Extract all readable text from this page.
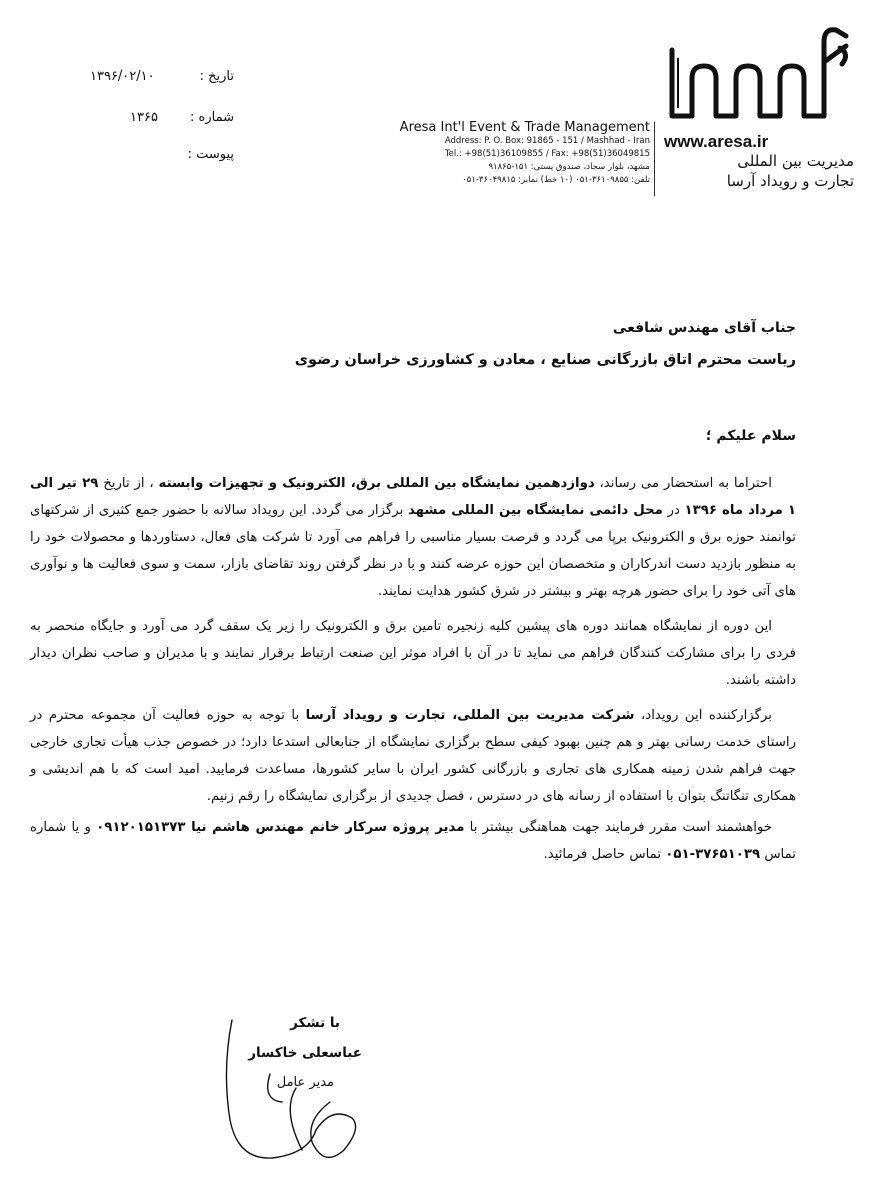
تاریخ :
۱۳۹۶/۰۲/۱۰
شماره :
۱۳۶۵
پیوست :
Aresa Int'l Event & Trade Management
Address: P. O. Box: 91865 - 151 / Mashhad - Iran
Tel.: +98(51)36109855 / Fax: +98(51)36049815
مشهد، بلوار سجاد، صندوق پستی: ۱۵۱-۹۱۸۶۵
تلفن: ۳۶۱۰۹۸۵۵-۰۵۱ (۱۰ خط) نمابر: ۳۶۰۴۹۸۱۵-۰۵۱
www.aresa.ir
مدیریت بین المللی
تجارت و رویداد آرسا
جناب آقای مهندس شافعی
ریاست محترم اتاق بازرگانی صنایع ، معادن و کشاورزی خراسان رضوی
سلام علیکم ؛

احتراما به استحضار می رساند، دوازدهمین نمایشگاه بین المللی برق، الکترونیک و تجهیزات وابسته ، از تاریخ ۲۹ تیر الی ۱ مرداد ماه ۱۳۹۶ در محل دائمی نمایشگاه بین المللی مشهد برگزار می گردد. این رویداد سالانه با حضور جمع کثیری از شرکتهای توانمند حوزه برق و الکترونیک برپا می گردد و فرصت بسیار مناسبی را فراهم می آورد تا شرکت های فعال، دستاوردها و محصولات خود را به منظور بازدید دست اندرکاران و متخصصان این حوزه عرضه کنند و با در نظر گرفتن روند تقاضای بازار، سمت و سوی فعالیت ها و نوآوری های آتی خود را برای حضور هرچه بهتر و بیشتر در شرق کشور هدایت نمایند.

این دوره از نمایشگاه همانند دوره های پیشین کلیه زنجیره تامین برق و الکترونیک را زیر یک سقف گرد می آورد و جایگاه منحصر به فردی را برای مشارکت کنندگان فراهم می نماید تا در آن با افراد موثر این صنعت ارتباط برقرار نمایند و با مدیران و صاحب نظران دیدار داشته باشند.

برگزارکننده این رویداد، شرکت مدیریت بین المللی، تجارت و رویداد آرسا با توجه به حوزه فعالیت آن مجموعه محترم در راستای خدمت رسانی بهتر و هم چنین بهبود کیفی سطح برگزاری نمایشگاه از جنابعالی استدعا دارد؛ در خصوص جذب هیأت تجاری خارجی جهت فراهم شدن زمینه همکاری های تجاری و بازرگانی کشور ایران با سایر کشورها، مساعدت فرمایید. امید است که با هم اندیشی و همکاری تنگاتنگ بتوان با استفاده از رسانه های در دسترس ، فصل جدیدی از برگزاری نمایشگاه را رقم زنیم.

خواهشمند است مقرر فرمایند جهت هماهنگی بیشتر با مدیر پروژه سرکار خانم مهندس هاشم نیا ۰۹۱۲۰۱۵۱۳۷۳ و یا شماره تماس ۳۷۶۵۱۰۳۹-۰۵۱ تماس حاصل فرمائید.

با تشکر
عباسعلی خاکسار
مدیر عامل
